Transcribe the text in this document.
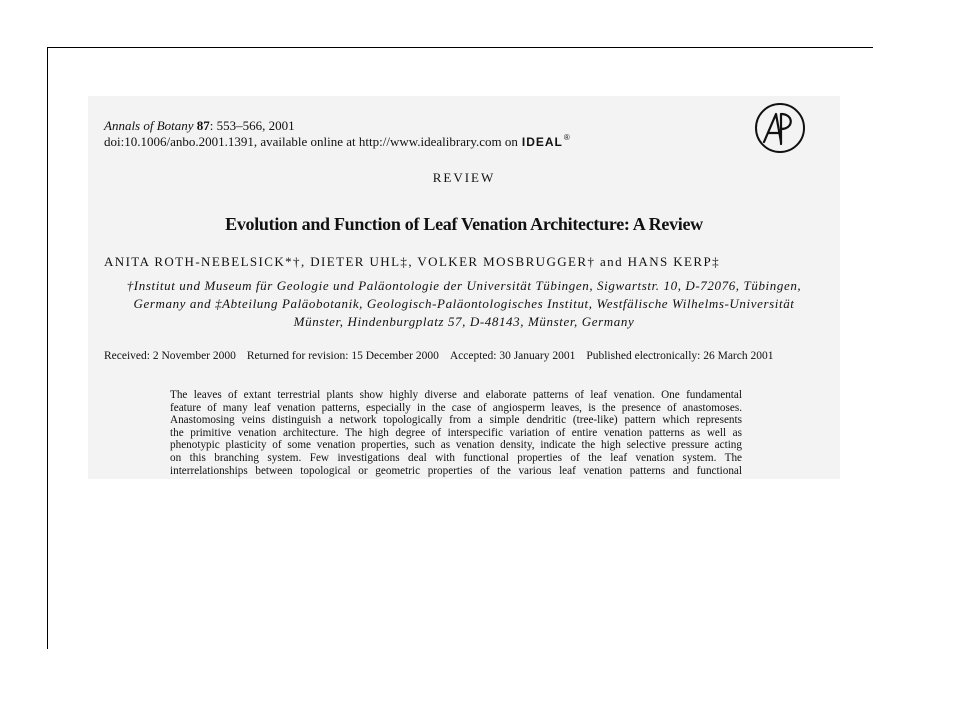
Annals of Botany 87: 553–566, 2001
doi:10.1006/anbo.2001.1391, available online at http://www.idealibrary.com on IDEAL®
REVIEW
Evolution and Function of Leaf Venation Architecture: A Review
ANITA ROTH-NEBELSICK*†, DIETER UHL‡, VOLKER MOSBRUGGER† and HANS KERP‡
†Institut und Museum für Geologie und Paläontologie der Universität Tübingen, Sigwartstr. 10, D-72076, Tübingen,
Germany and ‡Abteilung Paläobotanik, Geologisch-Paläontologisches Institut, Westfälische Wilhelms-Universität
Münster, Hindenburgplatz 57, D-48143, Münster, Germany
Received: 2 November 2000 Returned for revision: 15 December 2000 Accepted: 30 January 2001 Published electronically: 26 March 2001
The leaves of extant terrestrial plants show highly diverse and elaborate patterns of leaf venation. One fundamental
feature of many leaf venation patterns, especially in the case of angiosperm leaves, is the presence of anastomoses.
Anastomosing veins distinguish a network topologically from a simple dendritic (tree-like) pattern which represents
the primitive venation architecture. The high degree of interspecific variation of entire venation patterns as well as
phenotypic plasticity of some venation properties, such as venation density, indicate the high selective pressure acting
on this branching system. Few investigations deal with functional properties of the leaf venation system. The
interrelationships between topological or geometric properties of the various leaf venation patterns and functional
